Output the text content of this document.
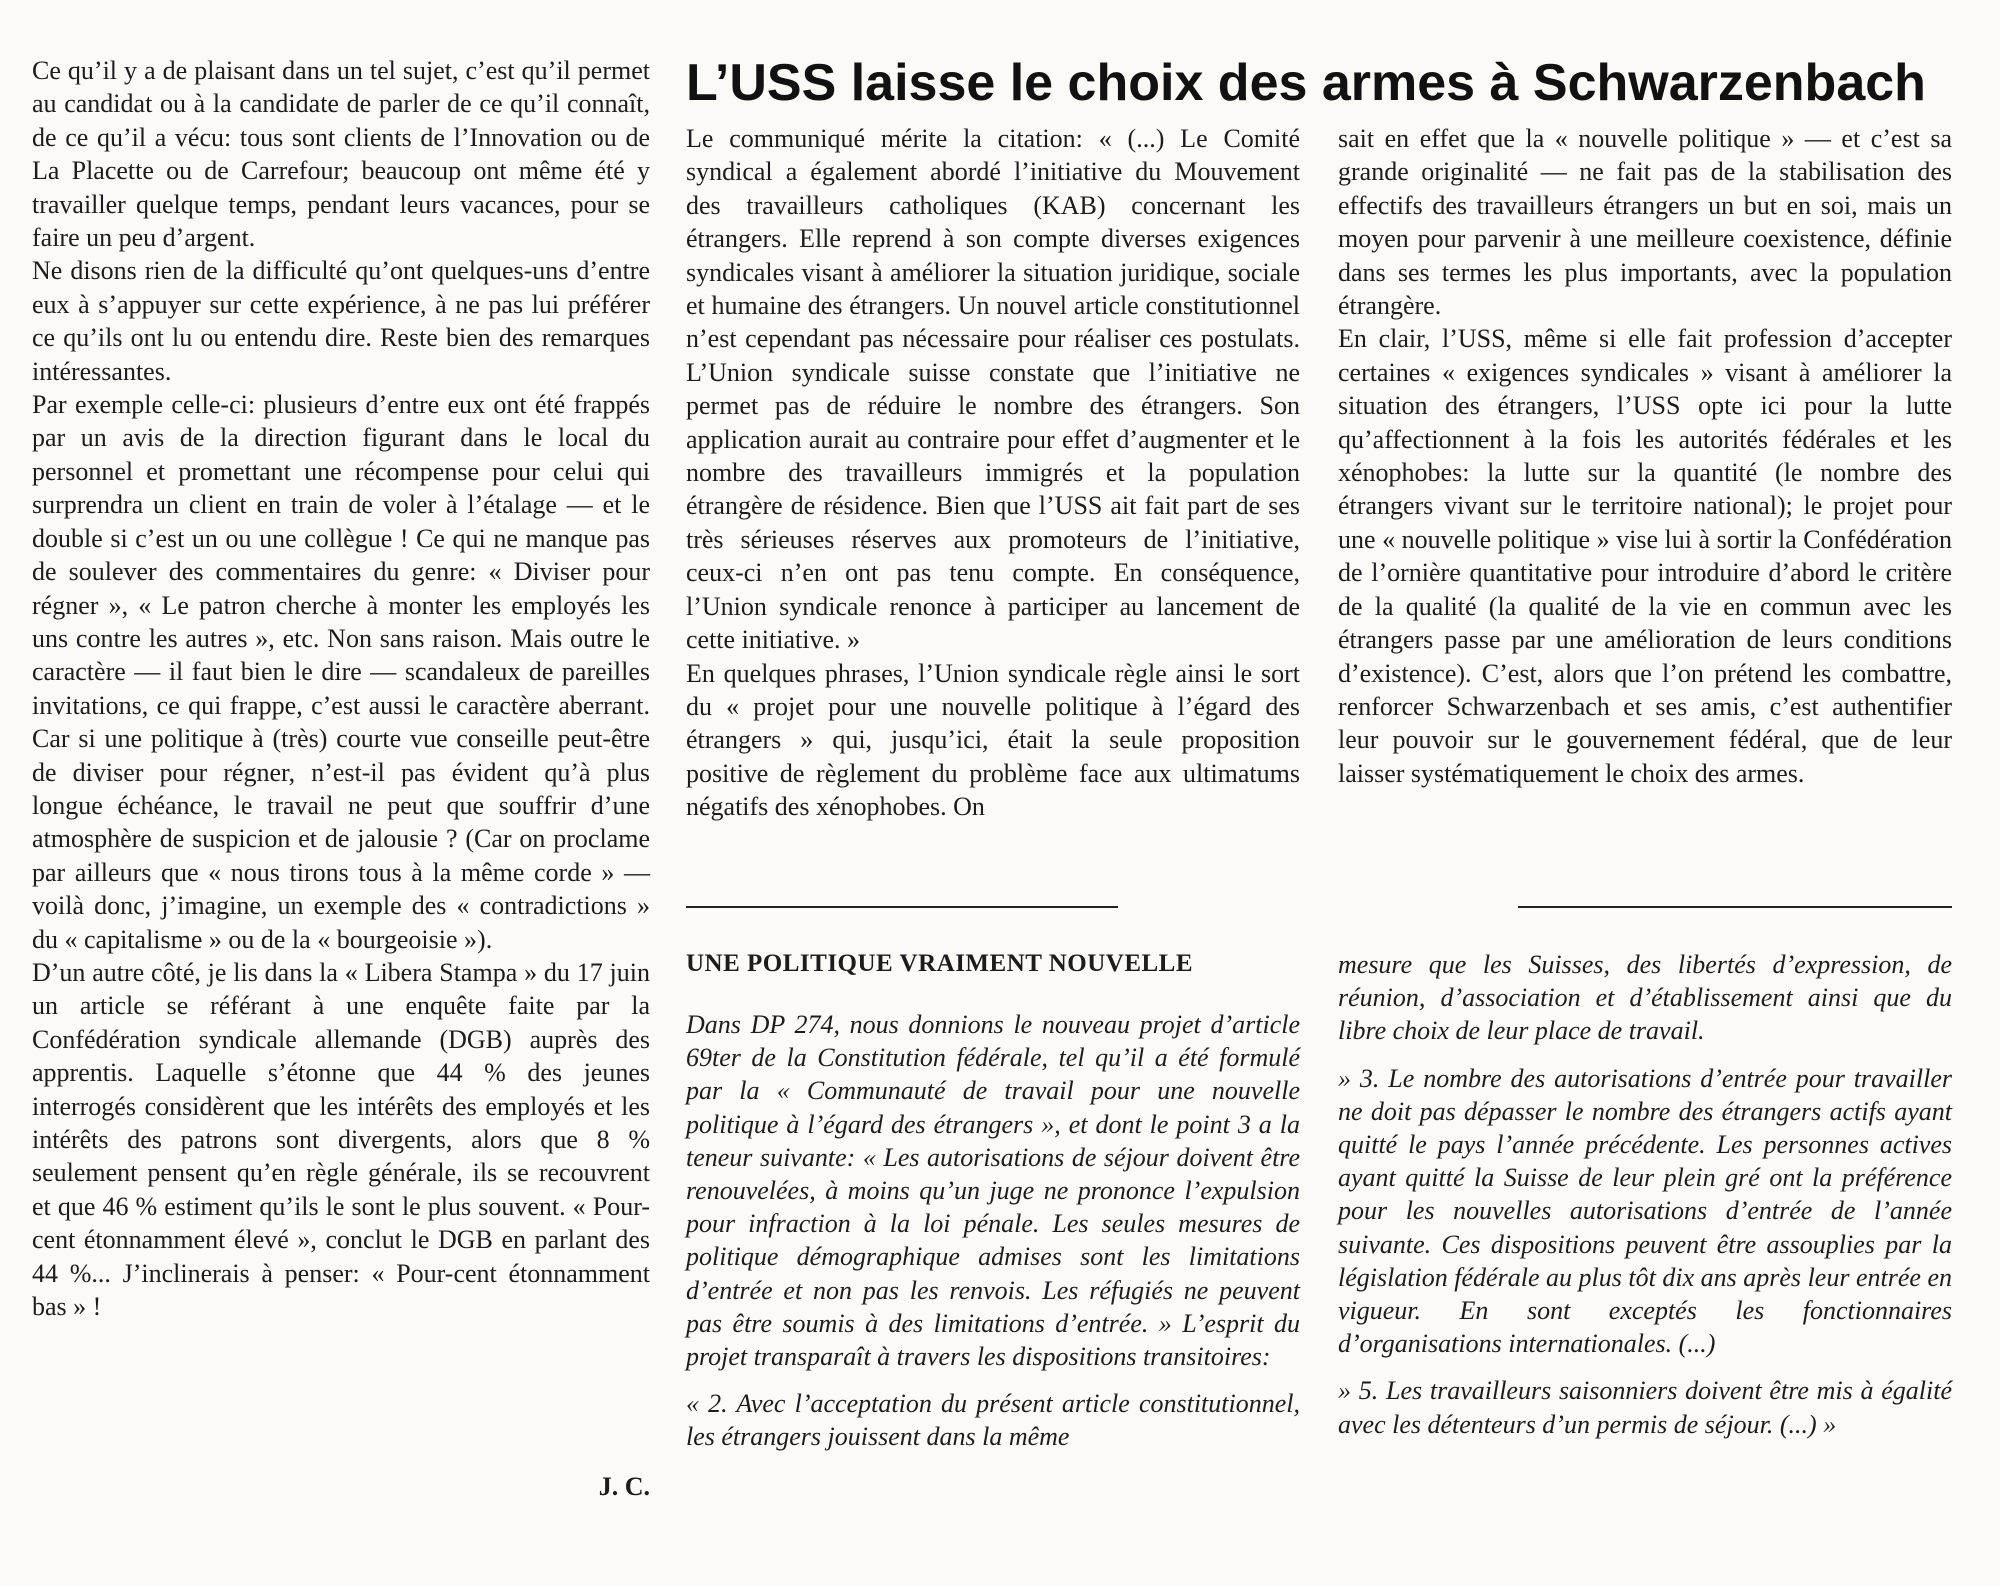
Ce qu’il y a de plaisant dans un tel sujet, c’est qu’il permet au candidat ou à la candidate de parler de ce qu’il connaît, de ce qu’il a vécu: tous sont clients de l’Innovation ou de La Placette ou de Carrefour; beaucoup ont même été y travailler quelque temps, pendant leurs vacances, pour se faire un peu d’argent.

Ne disons rien de la difficulté qu’ont quelques-uns d’entre eux à s’appuyer sur cette expérience, à ne pas lui préférer ce qu’ils ont lu ou entendu dire. Reste bien des remarques intéressantes.

Par exemple celle-ci: plusieurs d’entre eux ont été frappés par un avis de la direction figurant dans le local du personnel et promettant une récompense pour celui qui surprendra un client en train de voler à l’étalage — et le double si c’est un ou une collègue ! Ce qui ne manque pas de soulever des commentaires du genre: « Diviser pour régner », « Le patron cherche à monter les employés les uns contre les autres », etc. Non sans raison. Mais outre le caractère — il faut bien le dire — scandaleux de pareilles invitations, ce qui frappe, c’est aussi le caractère aberrant. Car si une politique à (très) courte vue conseille peut-être de diviser pour régner, n’est-il pas évident qu’à plus longue échéance, le travail ne peut que souffrir d’une atmosphère de suspicion et de jalousie ? (Car on proclame par ailleurs que « nous tirons tous à la même corde » — voilà donc, j’imagine, un exemple des « contradictions » du « capitalisme » ou de la « bourgeoisie »).

D’un autre côté, je lis dans la « Libera Stampa » du 17 juin un article se référant à une enquête faite par la Confédération syndicale allemande (DGB) auprès des apprentis. Laquelle s’étonne que 44 % des jeunes interrogés considèrent que les intérêts des employés et les intérêts des patrons sont divergents, alors que 8 % seulement pensent qu’en règle générale, ils se recouvrent et que 46 % estiment qu’ils le sont le plus souvent. « Pour-cent étonnamment élevé », conclut le DGB en parlant des 44 %... J’inclinerais à penser: « Pour-cent étonnamment bas » !

J. C.

L’USS laisse le choix des armes à Schwarzenbach

Le communiqué mérite la citation: « (...) Le Comité syndical a également abordé l’initiative du Mouvement des travailleurs catholiques (KAB) concernant les étrangers. Elle reprend à son compte diverses exigences syndicales visant à améliorer la situation juridique, sociale et humaine des étrangers. Un nouvel article constitutionnel n’est cependant pas nécessaire pour réaliser ces postulats. L’Union syndicale suisse constate que l’initiative ne permet pas de réduire le nombre des étrangers. Son application aurait au contraire pour effet d’augmenter et le nombre des travailleurs immigrés et la population étrangère de résidence. Bien que l’USS ait fait part de ses très sérieuses réserves aux promoteurs de l’initiative, ceux-ci n’en ont pas tenu compte. En conséquence, l’Union syndicale renonce à participer au lancement de cette initiative. »

En quelques phrases, l’Union syndicale règle ainsi le sort du « projet pour une nouvelle politique à l’égard des étrangers » qui, jusqu’ici, était la seule proposition positive de règlement du problème face aux ultimatums négatifs des xénophobes. On

sait en effet que la « nouvelle politique » — et c’est sa grande originalité — ne fait pas de la stabilisation des effectifs des travailleurs étrangers un but en soi, mais un moyen pour parvenir à une meilleure coexistence, définie dans ses termes les plus importants, avec la population étrangère.

En clair, l’USS, même si elle fait profession d’accepter certaines « exigences syndicales » visant à améliorer la situation des étrangers, l’USS opte ici pour la lutte qu’affectionnent à la fois les autorités fédérales et les xénophobes: la lutte sur la quantité (le nombre des étrangers vivant sur le territoire national); le projet pour une « nouvelle politique » vise lui à sortir la Confédération de l’ornière quantitative pour introduire d’abord le critère de la qualité (la qualité de la vie en commun avec les étrangers passe par une amélioration de leurs conditions d’existence). C’est, alors que l’on prétend les combattre, renforcer Schwarzenbach et ses amis, c’est authentifier leur pouvoir sur le gouvernement fédéral, que de leur laisser systématiquement le choix des armes.

UNE POLITIQUE VRAIMENT NOUVELLE

Dans DP 274, nous donnions le nouveau projet d’article 69ter de la Constitution fédérale, tel qu’il a été formulé par la « Communauté de travail pour une nouvelle politique à l’égard des étrangers », et dont le point 3 a la teneur suivante: « Les autorisations de séjour doivent être renouvelées, à moins qu’un juge ne prononce l’expulsion pour infraction à la loi pénale. Les seules mesures de politique démographique admises sont les limitations d’entrée et non pas les renvois. Les réfugiés ne peuvent pas être soumis à des limitations d’entrée. » L’esprit du projet transparaît à travers les dispositions transitoires:

« 2. Avec l’acceptation du présent article constitutionnel, les étrangers jouissent dans la même

mesure que les Suisses, des libertés d’expression, de réunion, d’association et d’établissement ainsi que du libre choix de leur place de travail.

» 3. Le nombre des autorisations d’entrée pour travailler ne doit pas dépasser le nombre des étrangers actifs ayant quitté le pays l’année précédente. Les personnes actives ayant quitté la Suisse de leur plein gré ont la préférence pour les nouvelles autorisations d’entrée de l’année suivante. Ces dispositions peuvent être assouplies par la législation fédérale au plus tôt dix ans après leur entrée en vigueur. En sont exceptés les fonctionnaires d’organisations internationales. (...)

» 5. Les travailleurs saisonniers doivent être mis à égalité avec les détenteurs d’un permis de séjour. (...) »
